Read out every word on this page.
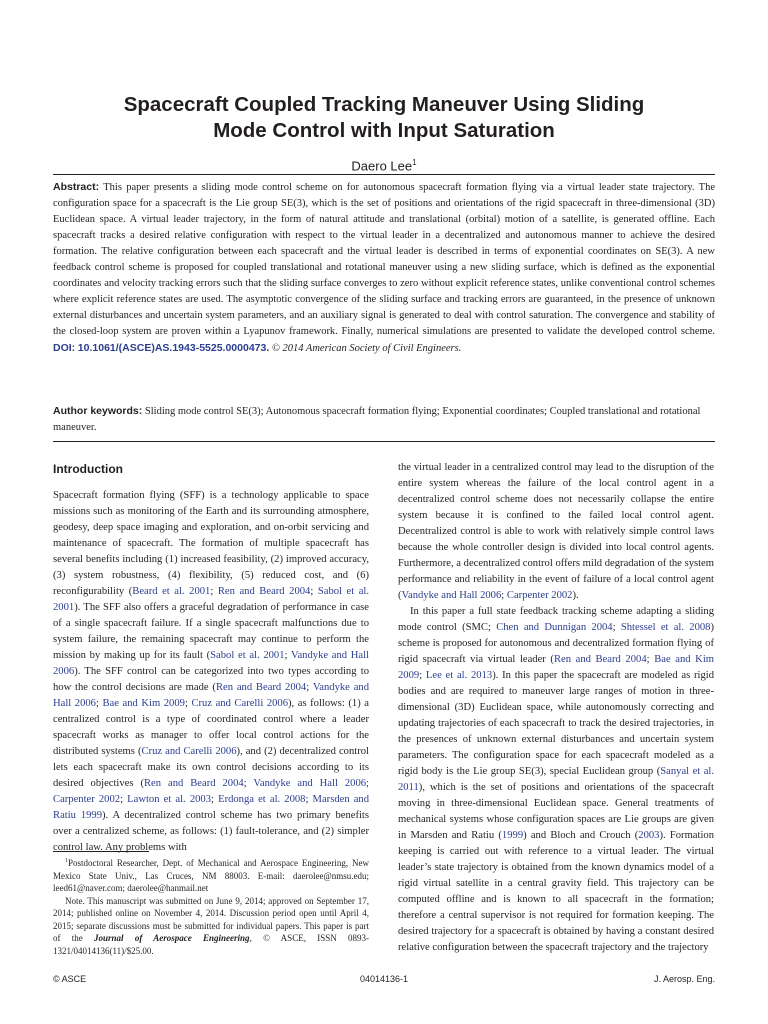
Spacecraft Coupled Tracking Maneuver Using Sliding
Mode Control with Input Saturation
Daero Lee$^1$

Abstract: This paper presents a sliding mode control scheme on for autonomous spacecraft formation flying via a virtual leader state trajectory. The configuration space for a spacecraft is the Lie group SE(3), which is the set of positions and orientations of the rigid spacecraft in three-dimensional (3D) Euclidean space. A virtual leader trajectory, in the form of natural attitude and translational (orbital) motion of a satellite, is generated offline. Each spacecraft tracks a desired relative configuration with respect to the virtual leader in a decentralized and autonomous manner to achieve the desired formation. The relative configuration between each spacecraft and the virtual leader is described in terms of exponential coordinates on SE(3). A new feedback control scheme is proposed for coupled translational and rotational maneuver using a new sliding surface, which is defined as the exponential coordinates and velocity tracking errors such that the sliding surface converges to zero without explicit reference states, unlike conventional control schemes where explicit reference states are used. The asymptotic convergence of the sliding surface and tracking errors are guaranteed, in the presence of unknown external disturbances and uncertain system parameters, and an auxiliary signal is generated to deal with control saturation. The convergence and stability of the closed-loop system are proven within a Lyapunov framework. Finally, numerical simulations are presented to validate the developed control scheme. DOI: 10.1061/(ASCE)AS.1943-5525.0000473. © 2014 American Society of Civil Engineers.

Author keywords: Sliding mode control SE(3); Autonomous spacecraft formation flying; Exponential coordinates; Coupled translational and rotational maneuver.

Introduction

Spacecraft formation flying (SFF) is a technology applicable to space missions such as monitoring of the Earth and its surrounding atmosphere, geodesy, deep space imaging and exploration, and on-orbit servicing and maintenance of spacecraft. The formation of multiple spacecraft has several benefits including (1) increased feasibility, (2) improved accuracy, (3) system robustness, (4) flexibility, (5) reduced cost, and (6) reconfigurability (Beard et al. 2001; Ren and Beard 2004; Sabol et al. 2001). The SFF also offers a graceful degradation of performance in case of a single spacecraft failure. If a single spacecraft malfunctions due to system failure, the remaining spacecraft may continue to perform the mission by making up for its fault (Sabol et al. 2001; Vandyke and Hall 2006). The SFF control can be categorized into two types according to how the control decisions are made (Ren and Beard 2004; Vandyke and Hall 2006; Bae and Kim 2009; Cruz and Carelli 2006), as follows: (1) a centralized control is a type of coordinated control where a leader spacecraft works as manager to offer local control actions for the distributed systems (Cruz and Carelli 2006), and (2) decentralized control lets each spacecraft make its own control decisions according to its desired objectives (Ren and Beard 2004; Vandyke and Hall 2006; Carpenter 2002; Lawton et al. 2003; Erdonga et al. 2008; Marsden and Ratiu 1999). A decentralized control scheme has two primary benefits over a centralized scheme, as follows: (1) fault-tolerance, and (2) simpler control law. Any problems with

the virtual leader in a centralized control may lead to the disruption of the entire system whereas the failure of the local control agent in a decentralized control scheme does not necessarily collapse the entire system because it is confined to the failed local control agent. Decentralized control is able to work with relatively simple control laws because the whole controller design is divided into local control agents. Furthermore, a decentralized control offers mild degradation of the system performance and reliability in the event of failure of a local control agent (Vandyke and Hall 2006; Carpenter 2002).

In this paper a full state feedback tracking scheme adapting a sliding mode control (SMC; Chen and Dunnigan 2004; Shtessel et al. 2008) scheme is proposed for autonomous and decentralized formation flying of rigid spacecraft via virtual leader (Ren and Beard 2004; Bae and Kim 2009; Lee et al. 2013). In this paper the spacecraft are modeled as rigid bodies and are required to maneuver large ranges of motion in three-dimensional (3D) Euclidean space, while autonomously correcting and updating trajectories of each spacecraft to track the desired trajectories, in the presences of unknown external disturbances and uncertain system parameters. The configuration space for each spacecraft modeled as a rigid body is the Lie group SE(3), special Euclidean group (Sanyal et al. 2011), which is the set of positions and orientations of the spacecraft moving in three-dimensional Euclidean space. General treatments of mechanical systems whose configuration spaces are Lie groups are given in Marsden and Ratiu (1999) and Bloch and Crouch (2003). Formation keeping is carried out with reference to a virtual leader. The virtual leader’s state trajectory is obtained from the known dynamics model of a rigid virtual satellite in a central gravity field. This trajectory can be computed offline and is known to all spacecraft in the formation; therefore a central supervisor is not required for formation keeping. The desired trajectory for a spacecraft is obtained by having a constant desired relative configuration between the spacecraft trajectory and the trajectory

$^1$Postdoctoral Researcher, Dept. of Mechanical and Aerospace Engineering, New Mexico State Univ., Las Cruces, NM 88003. E-mail: daerolee@nmsu.edu; leed61@naver.com; daerolee@hanmail.net

Note. This manuscript was submitted on June 9, 2014; approved on September 17, 2014; published online on November 4, 2014. Discussion period open until April 4, 2015; separate discussions must be submitted for individual papers. This paper is part of the Journal of Aerospace Engineering, © ASCE, ISSN 0893-1321/04014136(11)/$25.00.

© ASCE	04014136-1	J. Aerosp. Eng.
